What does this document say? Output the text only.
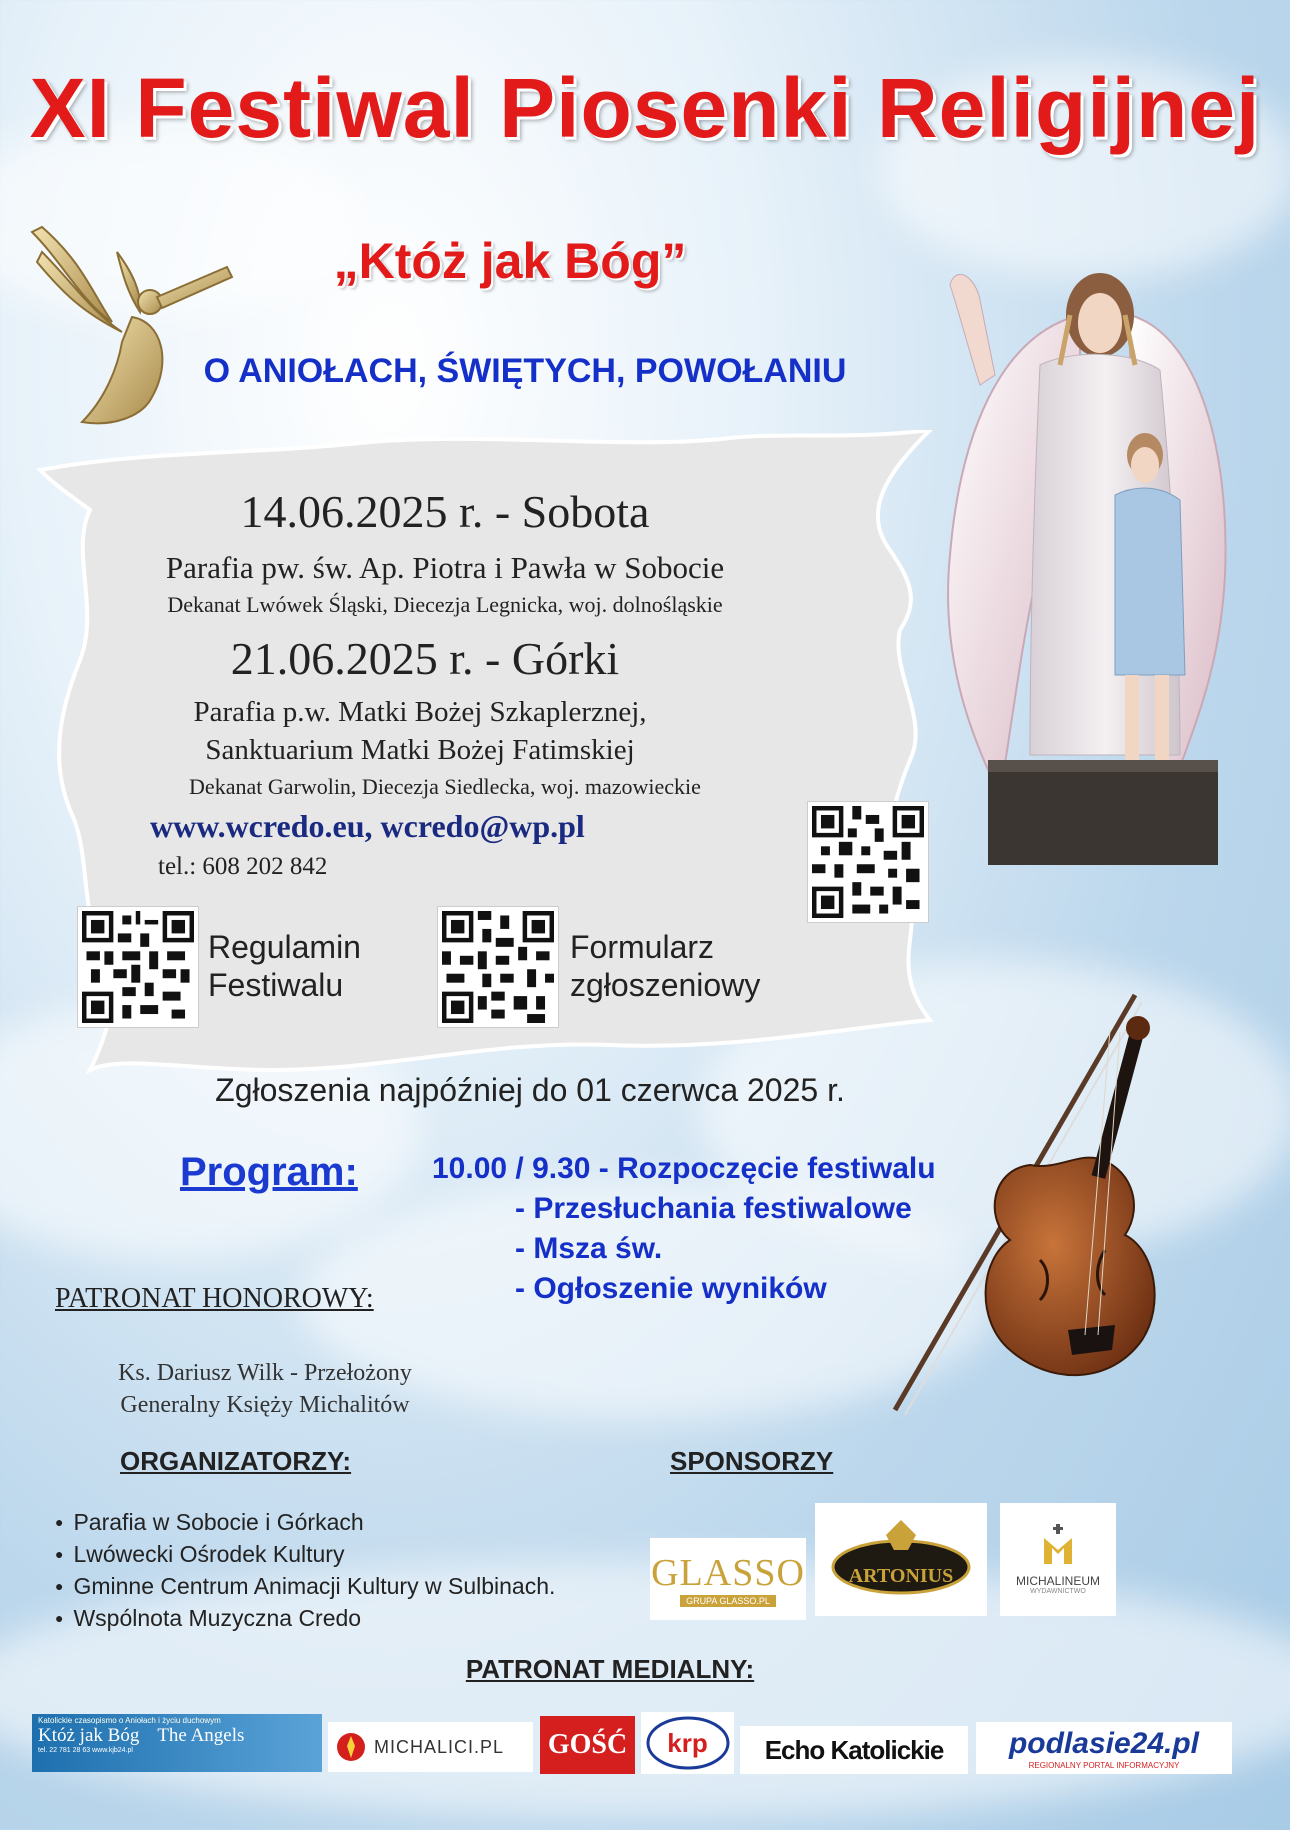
XI Festiwal Piosenki Religijnej
„Któż jak Bóg”
O ANIOŁACH, ŚWIĘTYCH, POWOŁANIU
14.06.2025 r. - Sobota
Parafia pw. św. Ap. Piotra i Pawła w Sobocie
Dekanat Lwówek Śląski, Diecezja Legnicka, woj. dolnośląskie
21.06.2025 r. - Górki
Parafia p.w. Matki Bożej Szkaplerznej,
Sanktuarium Matki Bożej Fatimskiej
Dekanat Garwolin, Diecezja Siedlecka, woj. mazowieckie
www.wcredo.eu, wcredo@wp.pl
tel.: 608 202 842
Regulamin
Festiwalu
Formularz
zgłoszeniowy
Zgłoszenia najpóźniej do 01 czerwca 2025 r.
Program:	10.00 / 9.30 - Rozpoczęcie festiwalu
- Przesłuchania festiwalowe
- Msza św.
- Ogłoszenie wyników
PATRONAT HONOROWY:
Ks. Dariusz Wilk - Przełożony
Generalny Księży Michalitów
ORGANIZATORZY:	SPONSORZY
● Parafia w Sobocie i Górkach
● Lwówecki Ośrodek Kultury
● Gminne Centrum Animacji Kultury w Sulbinach.
● Wspólnota Muzyczna Credo
GLASSO
GRUPA GLASSO.PL
ARTONIUS	MICHALINEUM
WYDAWNICTWO
PATRONAT MEDIALNY:
Katolickie czasopismo o Aniołach i życiu duchowym
Któż jak Bóg The Angels
tel. 22 781 28 63 www.kjb24.pl	MICHALICI.PL GOŚĆ krp Echo Katolickie podlasie24.pl
REGIONALNY PORTAL INFORMACYJNY
